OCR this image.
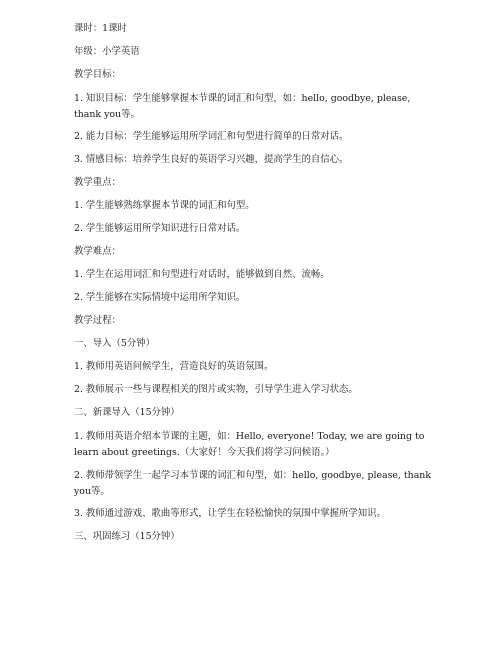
课时：1课时

年级：小学英语

教学目标：

1. 知识目标：学生能够掌握本节课的词汇和句型，如：hello, goodbye, please, thank you等。

2. 能力目标：学生能够运用所学词汇和句型进行简单的日常对话。

3. 情感目标：培养学生良好的英语学习兴趣，提高学生的自信心。

教学重点：

1. 学生能够熟练掌握本节课的词汇和句型。

2. 学生能够运用所学知识进行日常对话。

教学难点：

1. 学生在运用词汇和句型进行对话时，能够做到自然、流畅。

2. 学生能够在实际情境中运用所学知识。

教学过程：

一、导入（5分钟）

1. 教师用英语问候学生，营造良好的英语氛围。

2. 教师展示一些与课程相关的图片或实物，引导学生进入学习状态。

二、新课导入（15分钟）

1. 教师用英语介绍本节课的主题，如：Hello, everyone! Today, we are going to learn about greetings.（大家好！今天我们将学习问候语。）

2. 教师带领学生一起学习本节课的词汇和句型，如：hello, goodbye, please, thank you等。

3. 教师通过游戏、歌曲等形式，让学生在轻松愉快的氛围中掌握所学知识。

三、巩固练习（15分钟）
